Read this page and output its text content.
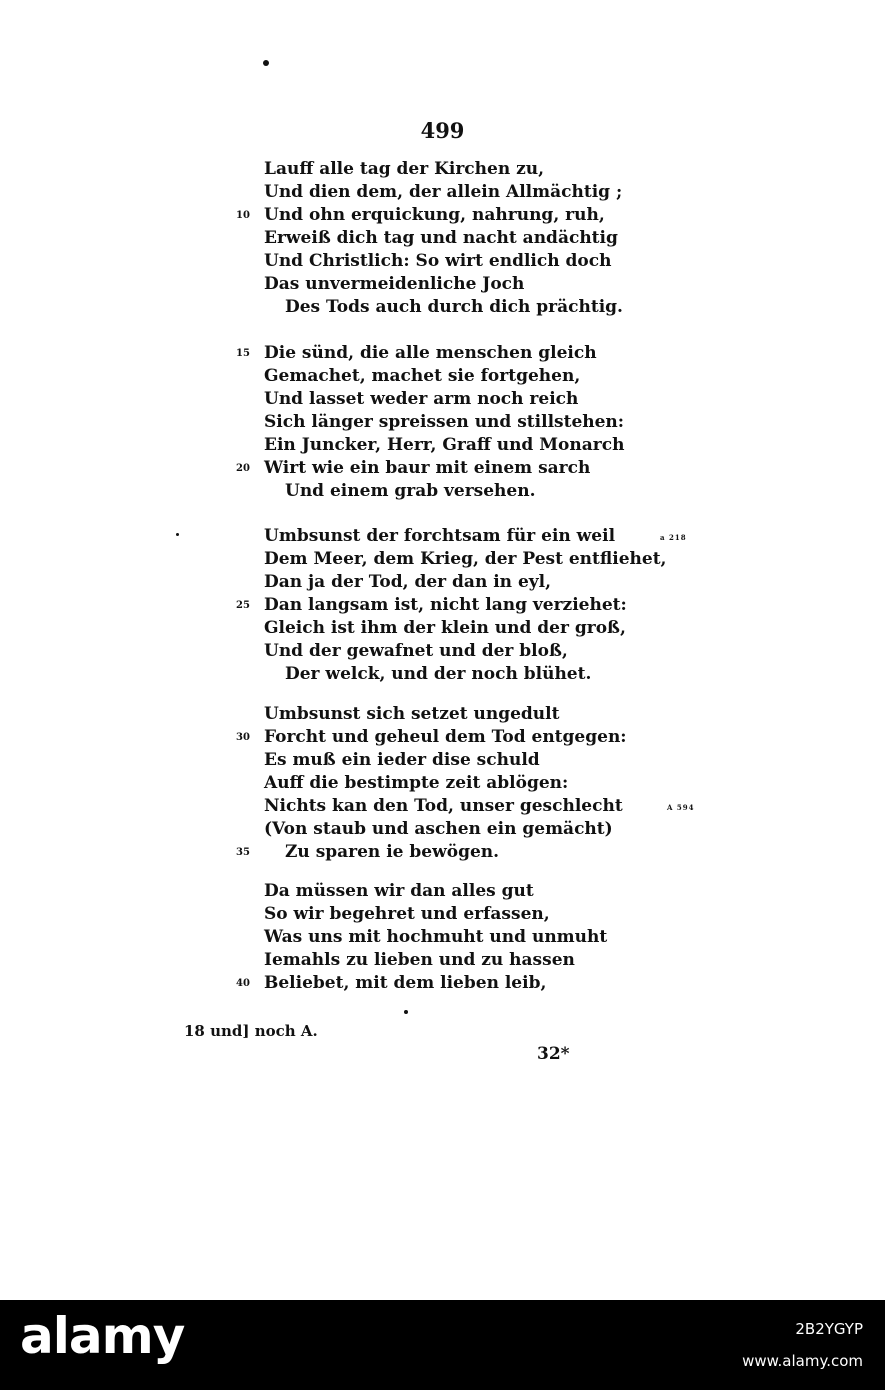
499
Lauff alle tag der Kirchen zu,
Und dien dem, der allein Allmächtig ;
10 Und ohn erquickung, nahrung, ruh,
Erweiß dich tag und nacht andächtig
Und Christlich: So wirt endlich doch
Das unvermeidenliche Joch
Des Tods auch durch dich prächtig.
15 Die sünd, die alle menschen gleich
Gemachet, machet sie fortgehen,
Und lasset weder arm noch reich
Sich länger spreissen und stillstehen:
Ein Juncker, Herr, Graff und Monarch
20 Wirt wie ein baur mit einem sarch
Und einem grab versehen.
Umbsunst der forchtsam für ein weil
Dem Meer, dem Krieg, der Pest entfliehet,
Dan ja der Tod, der dan in eyl,
25 Dan langsam ist, nicht lang verziehet:
Gleich ist ihm der klein und der groß,
Und der gewafnet und der bloß,
Der welck, und der noch blühet.
Umbsunst sich setzet ungedult
30 Forcht und geheul dem Tod entgegen:
Es muß ein ieder dise schuld
Auff die bestimpte zeit ablögen:
Nichts kan den Tod, unser geschlecht
(Von staub und aschen ein gemächt)
35	Zu sparen ie bewögen.
Da müssen wir dan alles gut
So wir begehret und erfassen,
Was uns mit hochmuht und unmuht
Iemahls zu lieben und zu hassen
40 Beliebet, mit dem lieben leib,
a 218
A 594
18 und] noch A.
32*
alamy	2B2YGYP
www.alamy.com
